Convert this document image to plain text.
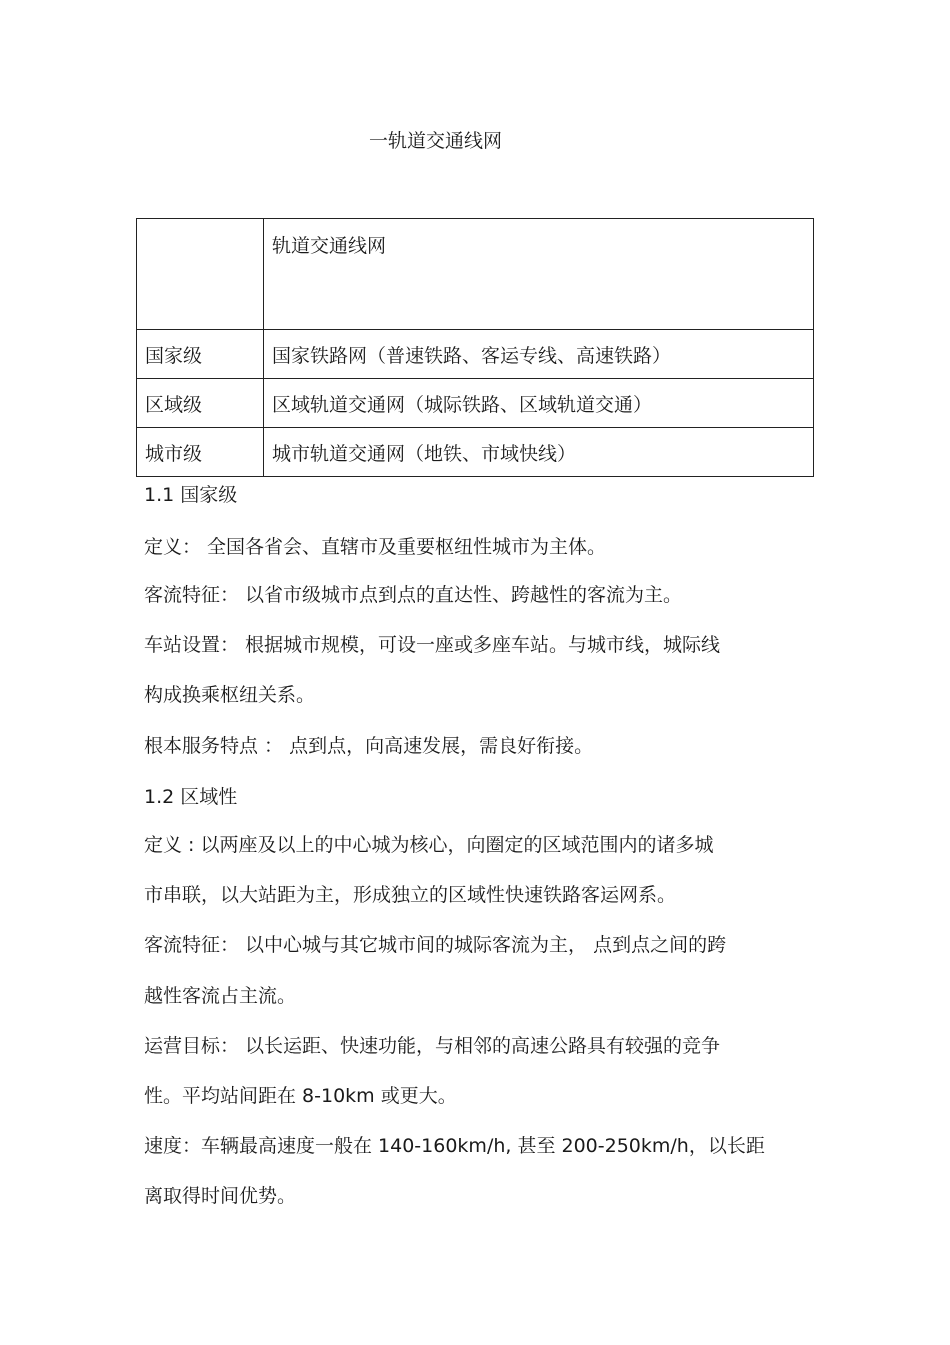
一轨道交通线网
	轨道交通线网
国家级	国家铁路网（普速铁路、客运专线、高速铁路）
区域级	区域轨道交通网（城际铁路、区域轨道交通）
城市级	城市轨道交通网（地铁、市域快线）
1.1 国家级
定义： 全国各省会、直辖市及重要枢纽性城市为主体。
客流特征： 以省市级城市点到点的直达性、跨越性的客流为主。
车站设置： 根据城市规模，可设一座或多座车站。与城市线，城际线
构成换乘枢纽关系。
根本服务特点 ： 点到点，向高速发展，需良好衔接。
1.2 区域性
定义 : 以两座及以上的中心城为核心，向圈定的区域范围内的诸多城
市串联，以大站距为主，形成独立的区域性快速铁路客运网系。
客流特征： 以中心城与其它城市间的城际客流为主， 点到点之间的跨
越性客流占主流。
运营目标： 以长运距、快速功能，与相邻的高速公路具有较强的竞争
性。平均站间距在 8-10km 或更大。
速度：车辆最高速度一般在 140-160km/h, 甚至 200-250km/h，以长距
离取得时间优势。
